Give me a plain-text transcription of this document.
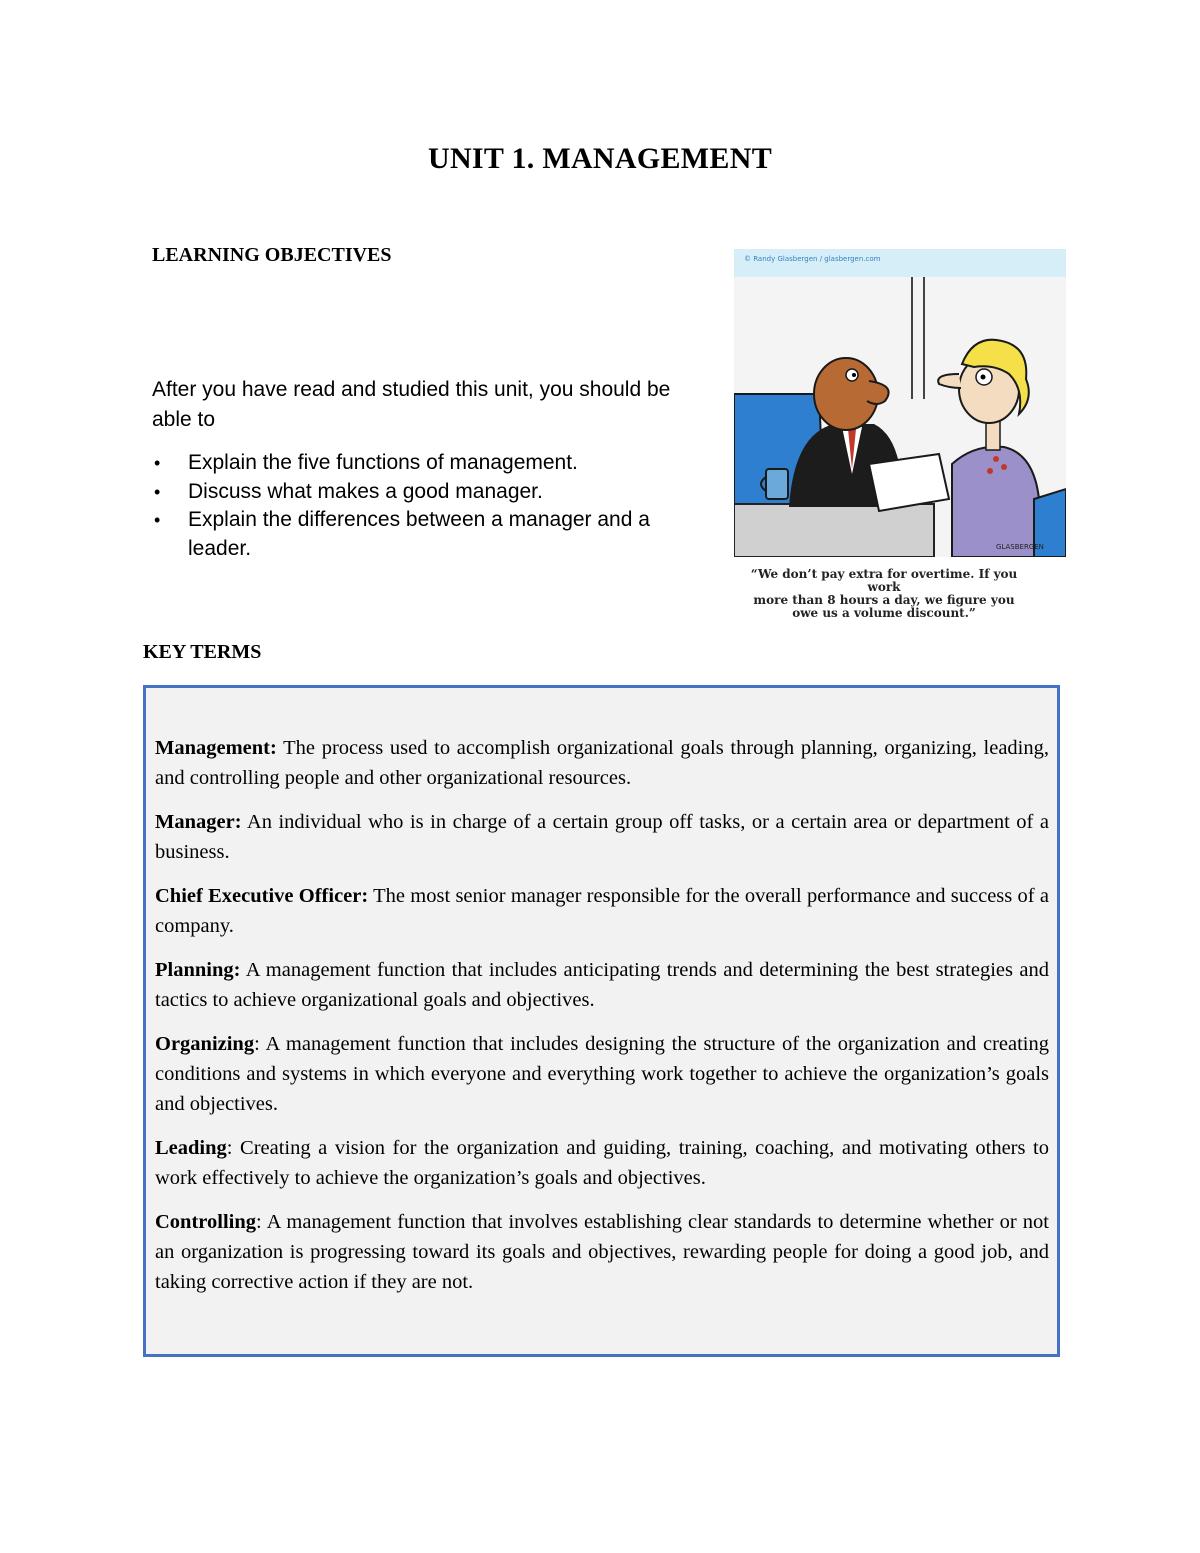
UNIT 1. MANAGEMENT
LEARNING OBJECTIVES

After you have read and studied this unit, you should be able to

• Explain the five functions of management.
• Discuss what makes a good manager.
• Explain the differences between a manager and a leader.
© Randy Glasbergen / glasbergen.com
GLASBERGEN
“We don’t pay extra for overtime. If you work
more than 8 hours a day, we figure you
owe us a volume discount.”
KEY TERMS

Management: The process used to accomplish organizational goals through planning, organizing, leading, and controlling people and other organizational resources.

Manager: An individual who is in charge of a certain group off tasks, or a certain area or department of a business.

Chief Executive Officer: The most senior manager responsible for the overall performance and success of a company.

Planning: A management function that includes anticipating trends and determining the best strategies and tactics to achieve organizational goals and objectives.

Organizing: A management function that includes designing the structure of the organization and creating conditions and systems in which everyone and everything work together to achieve the organization’s goals and objectives.

Leading: Creating a vision for the organization and guiding, training, coaching, and motivating others to work effectively to achieve the organization’s goals and objectives.

Controlling: A management function that involves establishing clear standards to determine whether or not an organization is progressing toward its goals and objectives, rewarding people for doing a good job, and taking corrective action if they are not.
